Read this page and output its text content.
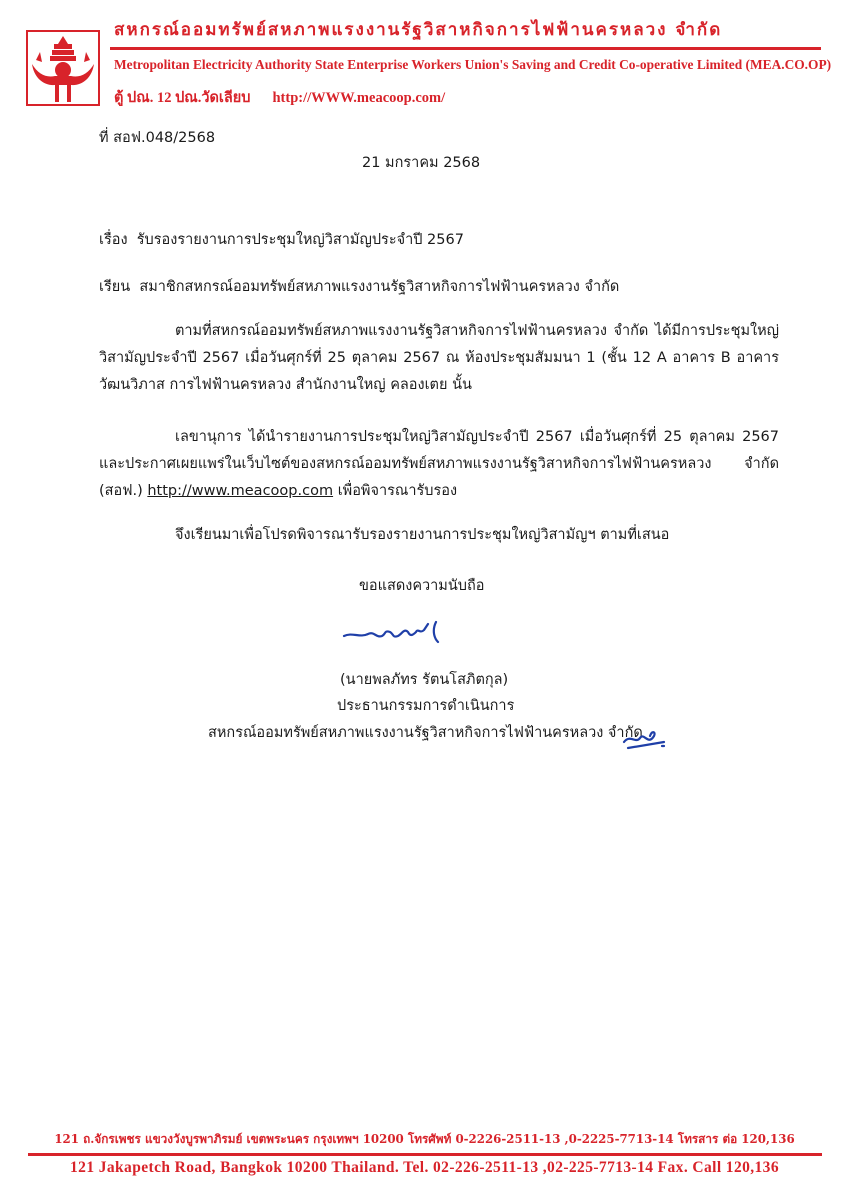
สหกรณ์ออมทรัพย์สหภาพแรงงานรัฐวิสาหกิจการไฟฟ้านครหลวง จำกัด
Metropolitan Electricity Authority State Enterprise Workers Union's Saving and Credit Co-operative Limited (MEA.CO.OP)
ตู้ ปณ. 12 ปณ.วัดเลียบ http://WWW.meacoop.com/
ที่ สอฟ.048/2568
21 มกราคม 2568
เรื่อง รับรองรายงานการประชุมใหญ่วิสามัญประจำปี 2567
เรียน สมาชิกสหกรณ์ออมทรัพย์สหภาพแรงงานรัฐวิสาหกิจการไฟฟ้านครหลวง จำกัด
ตามที่สหกรณ์ออมทรัพย์สหภาพแรงงานรัฐวิสาหกิจการไฟฟ้านครหลวง จำกัด ได้มีการประชุมใหญ่วิสามัญประจำปี 2567 เมื่อวันศุกร์ที่ 25 ตุลาคม 2567 ณ ห้องประชุมสัมมนา 1 (ชั้น 12 A อาคาร B อาคารวัฒนวิภาส การไฟฟ้านครหลวง สำนักงานใหญ่ คลองเตย นั้น
เลขานุการ ได้นำรายงานการประชุมใหญ่วิสามัญประจำปี 2567 เมื่อวันศุกร์ที่ 25 ตุลาคม 2567 และประกาศเผยแพร่ในเว็บไซต์ของสหกรณ์ออมทรัพย์สหภาพแรงงานรัฐวิสาหกิจการไฟฟ้านครหลวง จำกัด (สอฟ.) http://www.meacoop.com เพื่อพิจารณารับรอง
จึงเรียนมาเพื่อโปรดพิจารณารับรองรายงานการประชุมใหญ่วิสามัญฯ ตามที่เสนอ
ขอแสดงความนับถือ
(นายพลภัทร รัตนโสภิตกุล)
ประธานกรรมการดำเนินการ
สหกรณ์ออมทรัพย์สหภาพแรงงานรัฐวิสาหกิจการไฟฟ้านครหลวง จำกัด
121 ถ.จักรเพชร แขวงวังบูรพาภิรมย์ เขตพระนคร กรุงเทพฯ 10200 โทรศัพท์ 0-2226-2511-13 ,0-2225-7713-14 โทรสาร ต่อ 120,136
121 Jakapetch Road, Bangkok 10200 Thailand. Tel. 02-226-2511-13 ,02-225-7713-14 Fax. Call 120,136
